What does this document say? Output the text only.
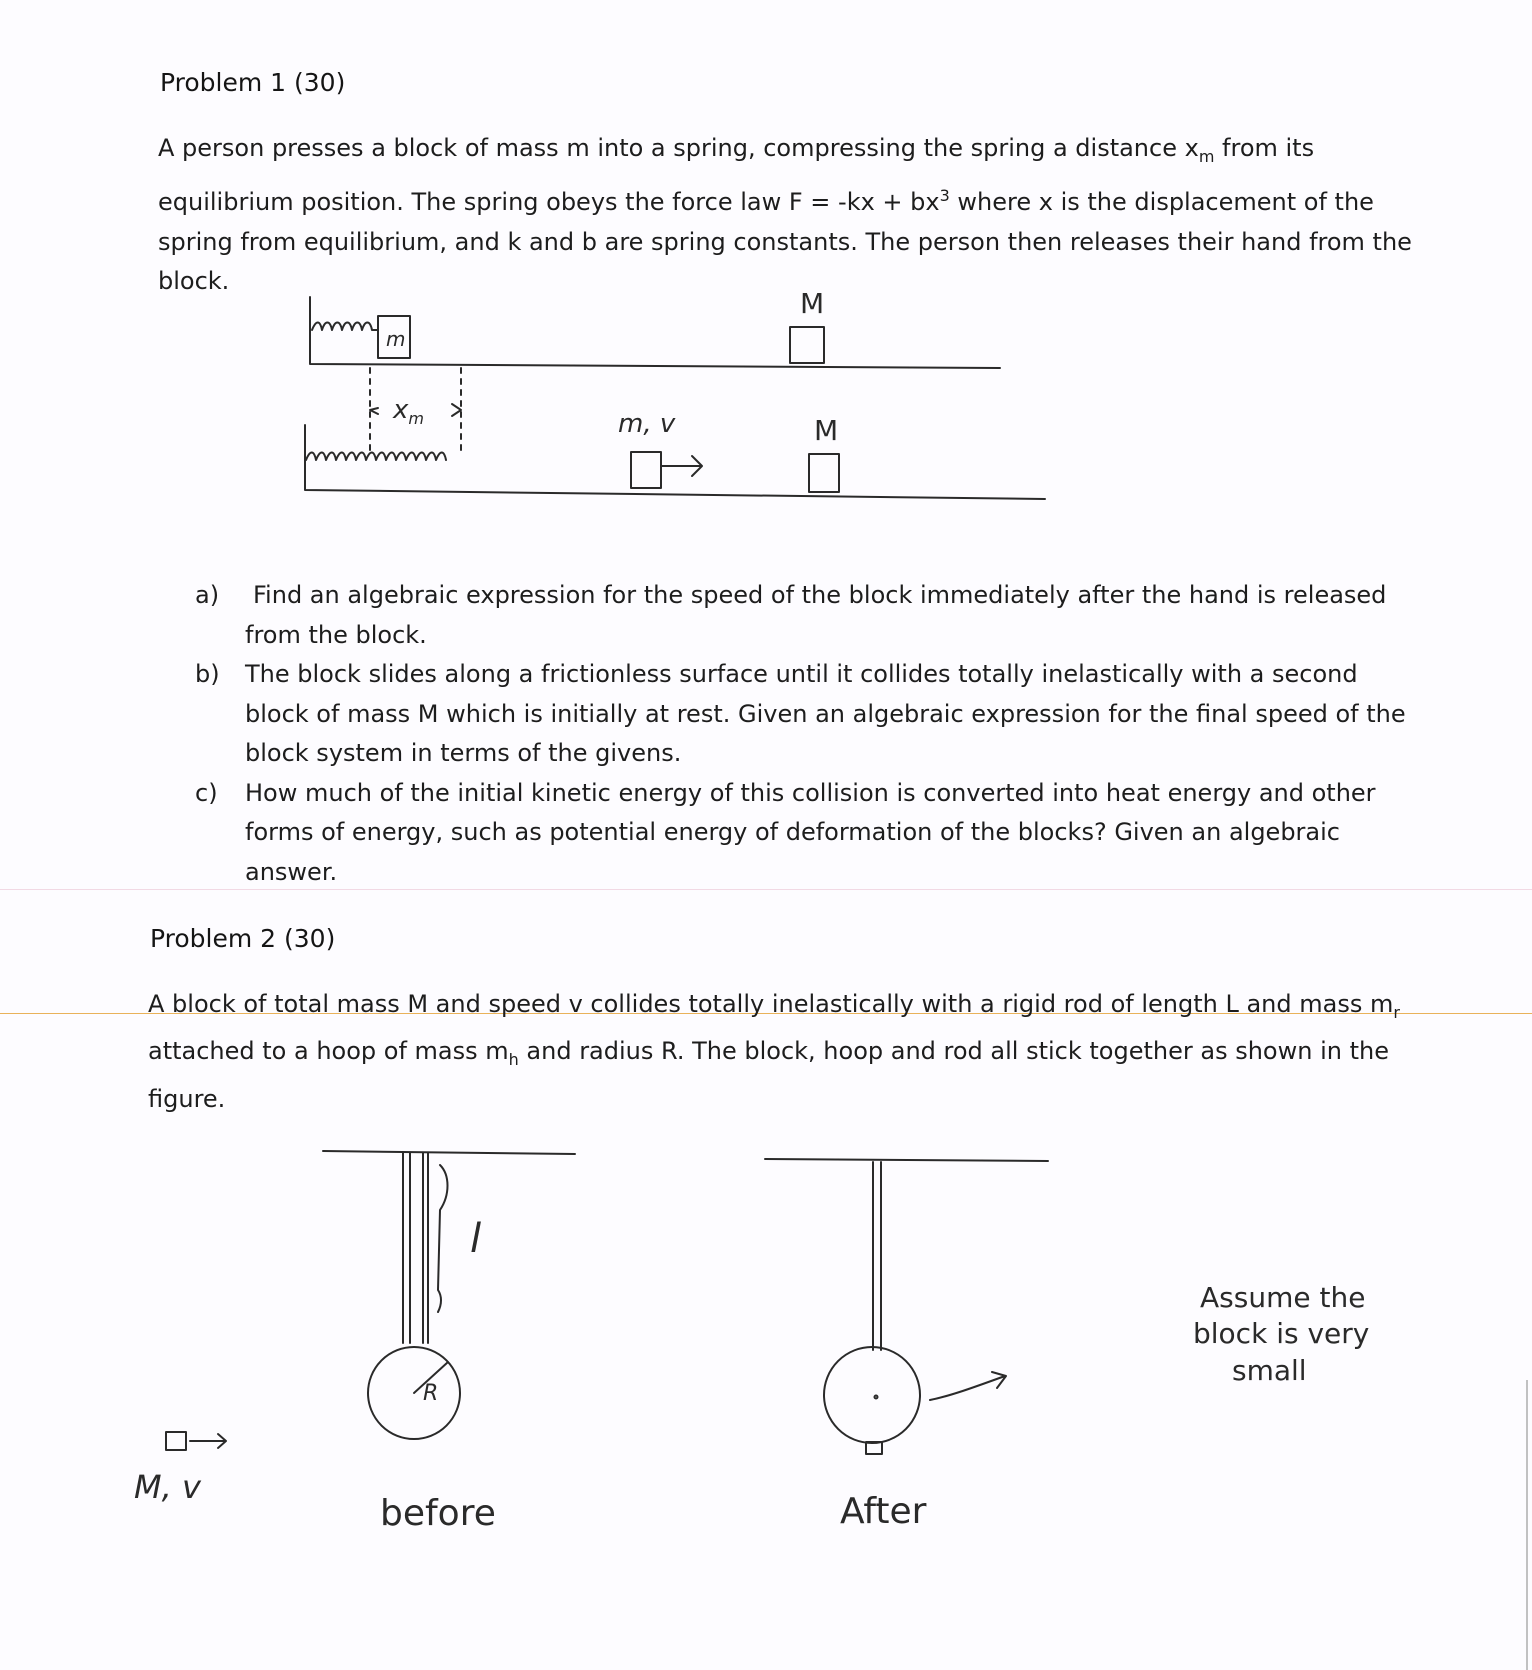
Problem 1 (30)

A person presses a block of mass m into a spring, compressing the spring a distance $x_m$ from its

equilibrium position. The spring obeys the force law $F = -kx + bx^3$ where x is the displacement of the

spring from equilibrium, and k and b are spring constants. The person then releases their hand from the

block.

m
M
$x_m$	m, v	M
a) Find an algebraic expression for the speed of the block immediately after the hand is released
from the block.
b) The block slides along a frictionless surface until it collides totally inelastically with a second
block of mass M which is initially at rest. Given an algebraic expression for the final speed of the
block system in terms of the givens.
c) How much of the initial kinetic energy of this collision is converted into heat energy and other
forms of energy, such as potential energy of deformation of the blocks? Given an algebraic
answer.
Problem 2 (30)

A block of total mass M and speed v collides totally inelastically with a rigid rod of length L and mass $m_r$

attached to a hoop of mass $m_h$ and radius R. The block, hoop and rod all stick together as shown in the

figure.

l
R
before
M, v
After
Assume the
block is very
small
